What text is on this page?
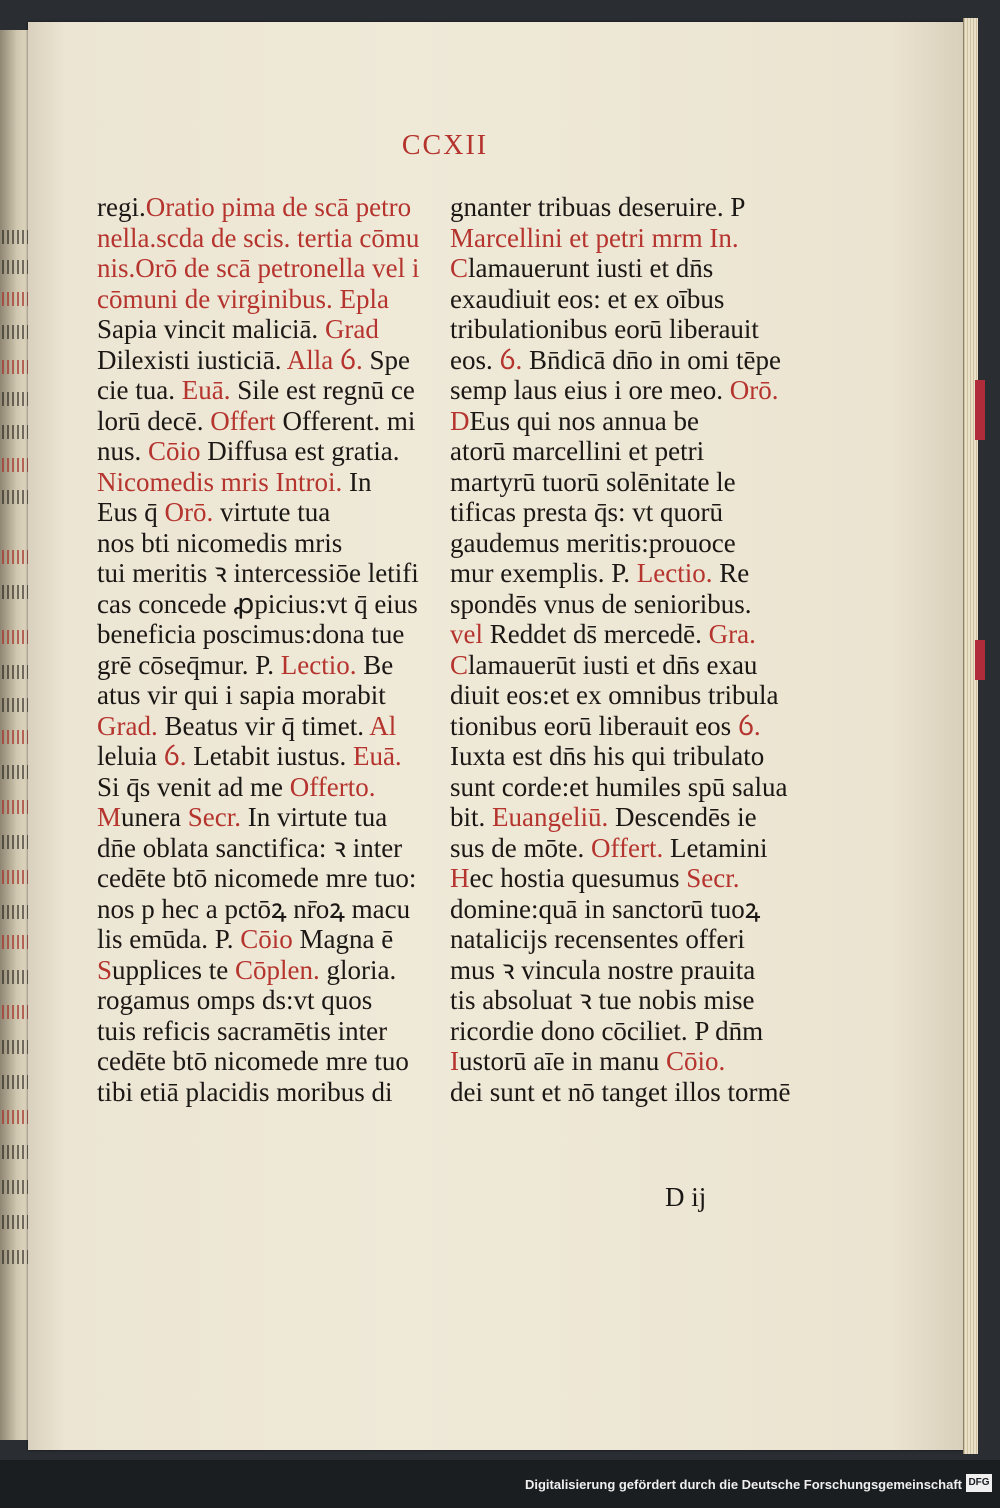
CCXII
regi.Oratio pima de scā petro
nella.scda de scis. tertia cōmu
nis.Orō de scā petronella vel i
cōmuni de virginibus. Epla
Sapia vincit maliciā. Grad
Dilexisti iusticiā. Alla ỽ. Spe
cie tua. Euā. Sile est regnū ce
lorū decē. Offert Offerent. mi
nus. Cōio Diffusa est gratia.
Nicomedis mris Introi. In
Eus q̄ Orō. virtute tua
nos bti nicomedis mris
tui meritis ꝛ intercessiōe letifi
cas concede ꝓpicius:vt q̄ eius
beneficia poscimus:dona tue
grē cōseq̄mur. P. Lectio. Be
atus vir qui i sapia morabit
Grad. Beatus vir q̄ timet. Al
leluia ỽ. Letabit iustus. Euā.
Si q̄s venit ad me Offerto.
Munera Secr. In virtute tua
dn̄e oblata sanctifica: ꝛ inter
cedēte btō nicomede mre tuo:
nos p hec a pctōꝝ nr̄oꝝ macu
lis emūda. P. Cōio Magna ē
Supplices te Cōplen. gloria.
rogamus omps ds:vt quos
tuis reficis sacramētis inter
cedēte btō nicomede mre tuo
tibi etiā placidis moribus di
gnanter tribuas deseruire. P
Marcellini et petri mrm In.
Clamauerunt iusti et dn̄s
exaudiuit eos: et ex oībus
tribulationibus eorū liberauit
eos. ỽ. Bn̄dicā dn̄o in omi tēpe
semp laus eius i ore meo. Orō.
DEus qui nos annua be
atorū marcellini et petri
martyrū tuorū solēnitate le
tificas presta q̄s: vt quorū
gaudemus meritis:prouoce
mur exemplis. P. Lectio. Re
spondēs vnus de senioribus.
vel Reddet ds̄ mercedē. Gra.
Clamauerūt iusti et dn̄s exau
diuit eos:et ex omnibus tribula
tionibus eorū liberauit eos ỽ.
Iuxta est dn̄s his qui tribulato
sunt corde:et humiles spū salua
bit. Euangeliū. Descendēs ie
sus de mōte. Offert. Letamini
Hec hostia quesumus Secr.
domine:quā in sanctorū tuoꝝ
natalicijs recensentes offeri
mus ꝛ vincula nostre prauita
tis absoluat ꝛ tue nobis mise
ricordie dono cōciliet. P dn̄m
Iustorū aīe in manu Cōio.
dei sunt et nō tanget illos tormē
D ij
Digitalisierung gefördert durch die Deutsche Forschungsgemeinschaft DFG
